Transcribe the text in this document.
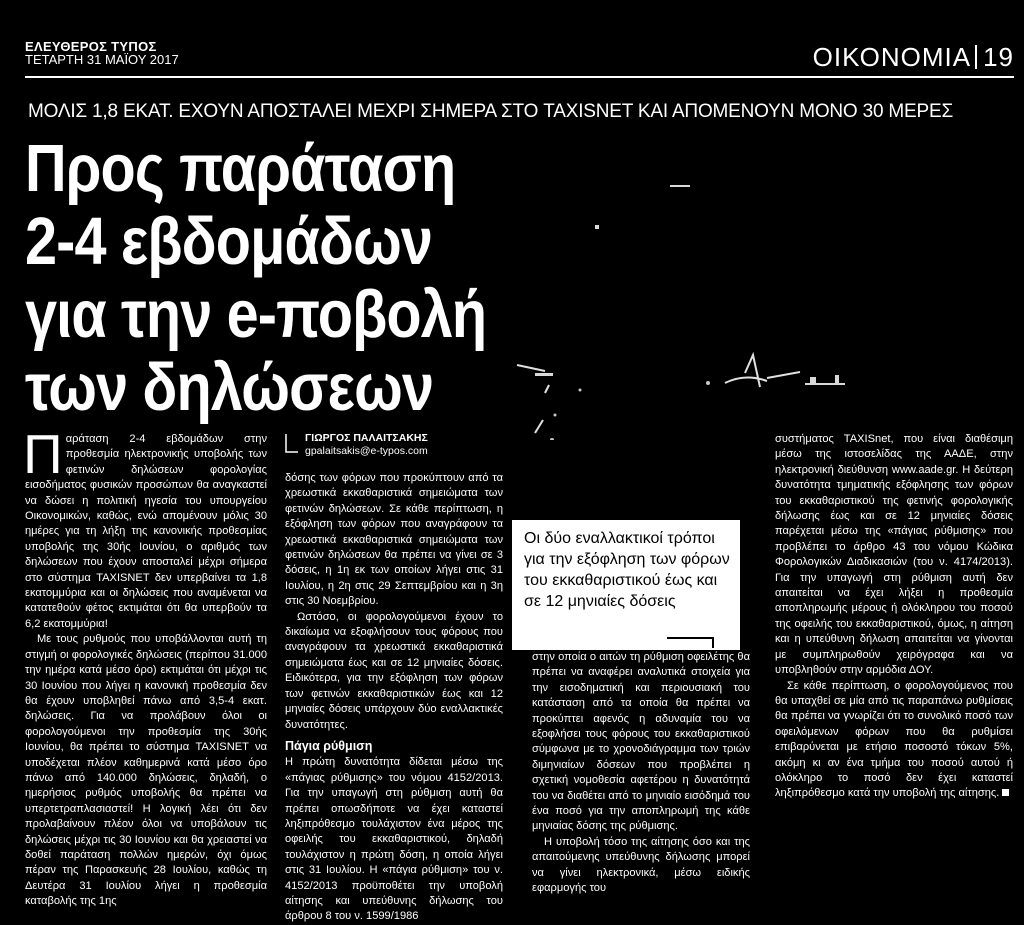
ΕΛΕΥΘΕΡΟΣ ΤΥΠΟΣ
ΤΕΤΑΡΤΗ 31 ΜΑΪΟΥ 2017	ΟΙΚΟΝΟΜΙΑ 19
ΜΟΛΙΣ 1,8 ΕΚΑΤ. ΕΧΟΥΝ ΑΠΟΣΤΑΛΕΙ ΜΕΧΡΙ ΣΗΜΕΡΑ ΣΤΟ TAXISNET ΚΑΙ ΑΠΟΜΕΝΟΥΝ ΜΟΝΟ 30 ΜΕΡΕΣ
Προς παράταση
2-4 εβδομάδων
για την e-ποβολή
των δηλώσεων

Παράταση 2-4 εβδομάδων στην προθεσμία ηλεκτρονικής υποβολής των φετινών δηλώσεων φορολογίας εισοδήματος φυσικών προσώπων θα αναγκαστεί να δώσει η πολιτική ηγεσία του υπουργείου Οικονομικών, καθώς, ενώ απομένουν μόλις 30 ημέρες για τη λήξη της κανονικής προθεσμίας υποβολής της 30ής Ιουνίου, ο αριθμός των δηλώσεων που έχουν αποσταλεί μέχρι σήμερα στο σύστημα TAXISNET δεν υπερβαίνει τα 1,8 εκατομμύρια και οι δηλώσεις που αναμένεται να κατατεθούν φέτος εκτιμάται ότι θα υπερβούν τα 6,2 εκατομμύρια!

Με τους ρυθμούς που υποβάλλονται αυτή τη στιγμή οι φορολογικές δηλώσεις (περίπου 31.000 την ημέρα κατά μέσο όρο) εκτιμάται ότι μέχρι τις 30 Ιουνίου που λήγει η κανονική προθεσμία δεν θα έχουν υποβληθεί πάνω από 3,5-4 εκατ. δηλώσεις. Για να προλάβουν όλοι οι φορολογούμενοι την προθεσμία της 30ής Ιουνίου, θα πρέπει το σύστημα TAXISNET να υποδέχεται πλέον καθημερινά κατά μέσο όρο πάνω από 140.000 δηλώσεις, δηλαδή, ο ημερήσιος ρυθμός υποβολής θα πρέπει να υπερτετραπλασιαστεί! Η λογική λέει ότι δεν προλαβαίνουν πλέον όλοι να υποβάλουν τις δηλώσεις μέχρι τις 30 Ιουνίου και θα χρειαστεί να δοθεί παράταση πολλών ημερών, όχι όμως πέραν της Παρασκευής 28 Ιουλίου, καθώς τη Δευτέρα 31 Ιουλίου λήγει η προθεσμία καταβολής της 1ης

ΓΙΩΡΓΟΣ ΠΑΛΑΙΤΣΑΚΗΣ
gpalaitsakis@e-typos.com

δόσης των φόρων που προκύπτουν από τα χρεωστικά εκκαθαριστικά σημειώματα των φετινών δηλώσεων. Σε κάθε περίπτωση, η εξόφληση των φόρων που αναγράφουν τα χρεωστικά εκκαθαριστικά σημειώματα των φετινών δηλώσεων θα πρέπει να γίνει σε 3 δόσεις, η 1η εκ των οποίων λήγει στις 31 Ιουλίου, η 2η στις 29 Σεπτεμβρίου και η 3η στις 30 Νοεμβρίου.

Ωστόσο, οι φορολογούμενοι έχουν το δικαίωμα να εξοφλήσουν τους φόρους που αναγράφουν τα χρεωστικά εκκαθαριστικά σημειώματα έως και σε 12 μηνιαίες δόσεις. Ειδικότερα, για την εξόφληση των φόρων των φετινών εκκαθαριστικών έως και 12 μηνιαίες δόσεις υπάρχουν δύο εναλλακτικές δυνατότητες.

Πάγια ρύθμιση

Η πρώτη δυνατότητα δίδεται μέσω της «πάγιας ρύθμισης» του νόμου 4152/2013. Για την υπαγωγή στη ρύθμιση αυτή θα πρέπει οπωσδήποτε να έχει καταστεί ληξιπρόθεσμο τουλάχιστον ένα μέρος της οφειλής του εκκαθαριστικού, δηλαδή τουλάχιστον η πρώτη δόση, η οποία λήγει στις 31 Ιουλίου. Η «πάγια ρύθμιση» του ν. 4152/2013 προϋποθέτει την υποβολή αίτησης και υπεύθυνης δήλωσης του άρθρου 8 του ν. 1599/1986

Οι δύο εναλλακτικοί τρόποι για την εξόφληση των φόρων του εκκαθαριστικού έως και σε 12 μηνιαίες δόσεις

στην οποία ο αιτών τη ρύθμιση οφειλέτης θα πρέπει να αναφέρει αναλυτικά στοιχεία για την εισοδηματική και περιουσιακή του κατάσταση από τα οποία θα πρέπει να προκύπτει αφενός η αδυναμία του να εξοφλήσει τους φόρους του εκκαθαριστικού σύμφωνα με το χρονοδιάγραμμα των τριών διμηνιαίων δόσεων που προβλέπει η σχετική νομοθεσία αφετέρου η δυνατότητά του να διαθέτει από το μηνιαίο εισόδημά του ένα ποσό για την αποπληρωμή της κάθε μηνιαίας δόσης της ρύθμισης.

Η υποβολή τόσο της αίτησης όσο και της απαιτούμενης υπεύθυνης δήλωσης μπορεί να γίνει ηλεκτρονικά, μέσω ειδικής εφαρμογής του

συστήματος TAXISnet, που είναι διαθέσιμη μέσω της ιστοσελίδας της ΑΑΔΕ, στην ηλεκτρονική διεύθυνση www.aade.gr. Η δεύτερη δυνατότητα τμηματικής εξόφλησης των φόρων του εκκαθαριστικού της φετινής φορολογικής δήλωσης έως και σε 12 μηνιαίες δόσεις παρέχεται μέσω της «πάγιας ρύθμισης» που προβλέπει το άρθρο 43 του νόμου Κώδικα Φορολογικών Διαδικασιών (του ν. 4174/2013). Για την υπαγωγή στη ρύθμιση αυτή δεν απαιτείται να έχει λήξει η προθεσμία αποπληρωμής μέρους ή ολόκληρου του ποσού της οφειλής του εκκαθαριστικού, όμως, η αίτηση και η υπεύθυνη δήλωση απαιτείται να γίνονται με συμπληρωθούν χειρόγραφα και να υποβληθούν στην αρμόδια ΔΟΥ.

Σε κάθε περίπτωση, ο φορολογούμενος που θα υπαχθεί σε μία από τις παραπάνω ρυθμίσεις θα πρέπει να γνωρίζει ότι το συνολικό ποσό των οφειλόμενων φόρων που θα ρυθμίσει επιβαρύνεται με ετήσιο ποσοστό τόκων 5%, ακόμη κι αν ένα τμήμα του ποσού αυτού ή ολόκληρο το ποσό δεν έχει καταστεί ληξιπρόθεσμο κατά την υποβολή της αίτησης.
